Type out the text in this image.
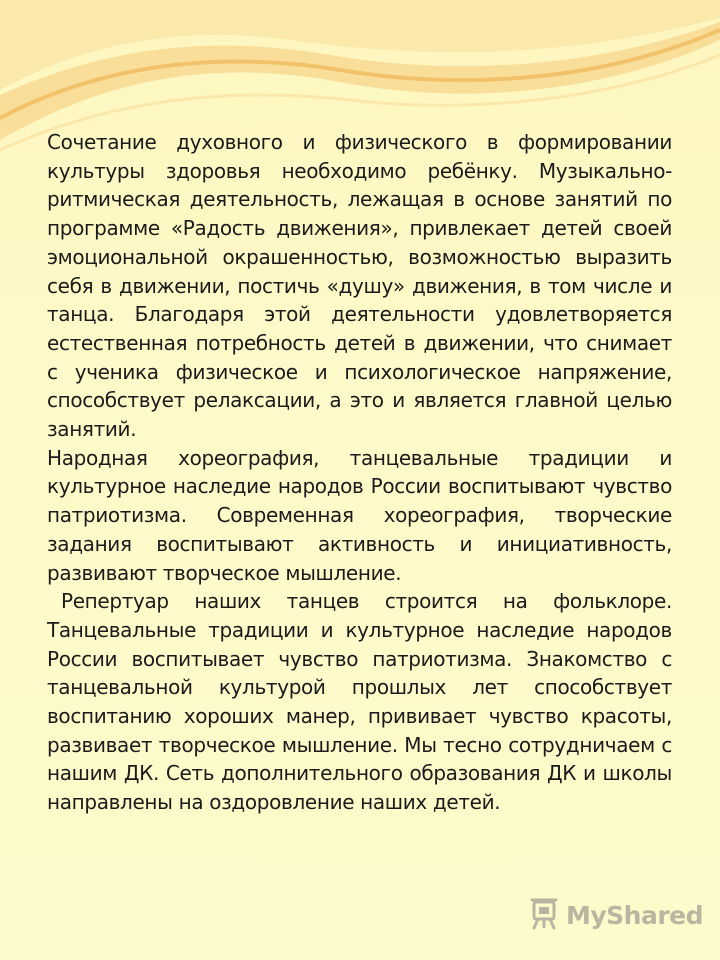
Сочетание духовного и физического в формировании культуры здоровья необходимо ребёнку. Музыкально-ритмическая деятельность, лежащая в основе занятий по программе «Радость движения», привлекает детей своей эмоциональной окрашенностью, возможностью выразить себя в движении, постичь «душу» движения, в том числе и танца. Благодаря этой деятельности удовлетворяется естественная потребность детей в движении, что снимает с ученика физическое и психологическое напряжение, способствует релаксации, а это и является главной целью занятий.

Народная хореография, танцевальные традиции и культурное наследие народов России воспитывают чувство патриотизма. Современная хореография, творческие задания воспитывают активность и инициативность, развивают творческое мышление.

Репертуар наших танцев строится на фольклоре. Танцевальные традиции и культурное наследие народов России воспитывает чувство патриотизма. Знакомство с танцевальной культурой прошлых лет способствует воспитанию хороших манер, прививает чувство красоты, развивает творческое мышление. Мы тесно сотрудничаем с нашим ДК. Сеть дополнительного образования ДК и школы направлены на оздоровление наших детей.

MyShared
